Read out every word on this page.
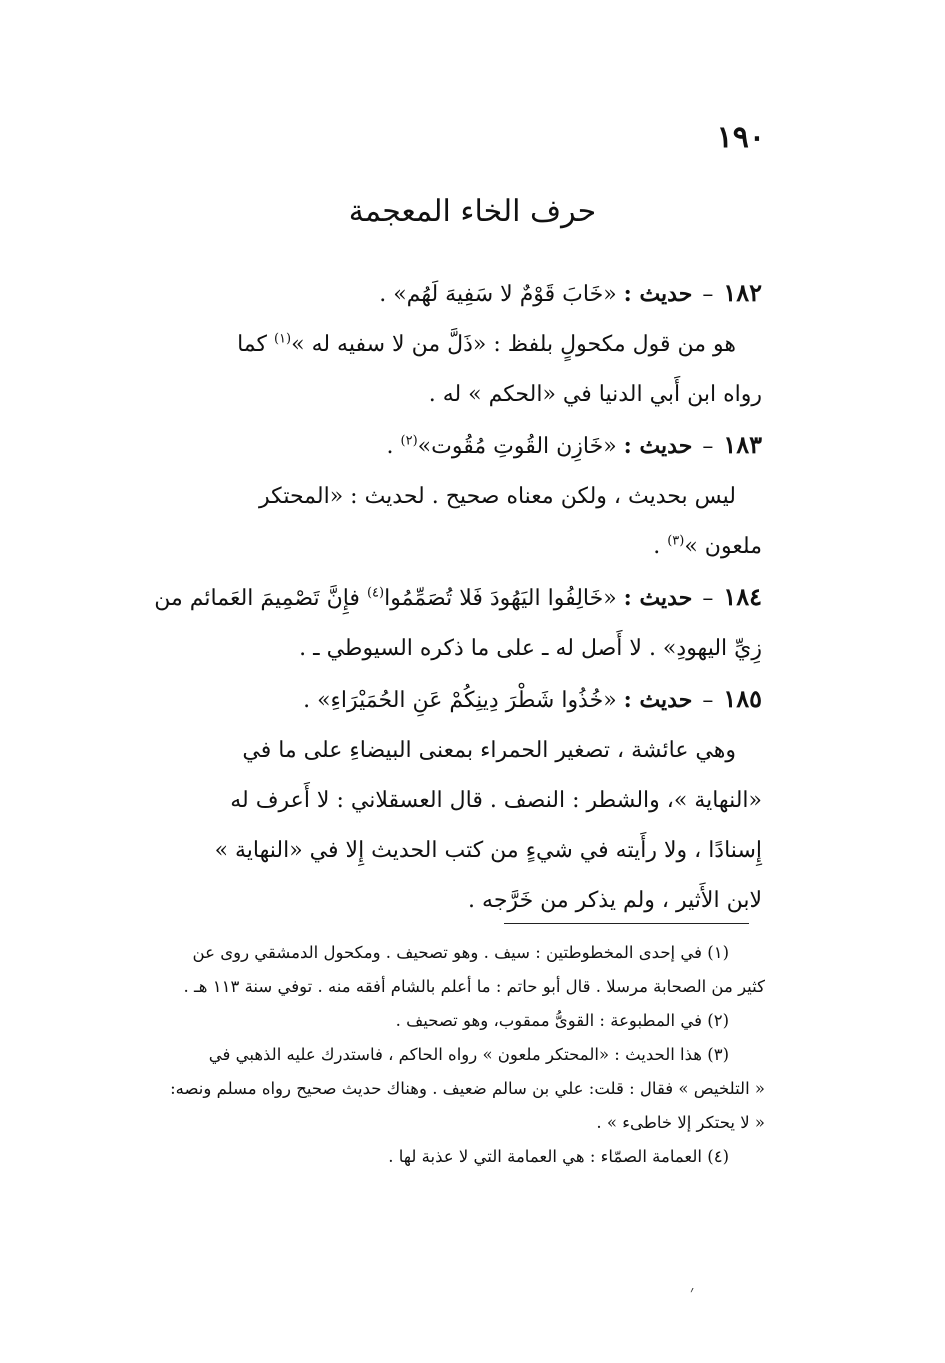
١٩٠
حرف الخاء المعجمة

١٨٢–حديث : «خَابَ قَوْمٌ لا سَفِيهَ لَهُم» .

هو من قول مكحولٍ بلفظ : «ذَلَّ من لا سفيه له »$^{(١)}$ كما

رواه ابن أَبي الدنيا في «الحكم » له .

١٨٣–حديث : «خَازِن القُوتِ مُقُوت»$^{(٢)}$ .

ليس بحديث ، ولكن معناه صحيح . لحديث : «المحتكر

ملعون »$^{(٣)}$ .

١٨٤–حديث : «خَالِفُوا اليَهُودَ فَلا تُصَمِّمُوا$^{(٤)}$ فإِنَّ تَصْمِيمَ العَمائم من

زِيِّ اليهودِ» . لا أَصل له ـ على ما ذكره السيوطي ـ .

١٨٥–حديث : «خُذُوا شَطْرَ دِينِكُمْ عَنِ الحُمَيْرَاءِ» .

وهي عائشة ، تصغير الحمراء بمعنى البيضاءِ على ما في

«النهاية »، والشطر : النصف . قال العسقلاني : لا أَعرف له

إِسنادًا ، ولا رأَيته في شيءٍ من كتب الحديث إِلا في «النهاية »

لابن الأَثير ، ولم يذكر من خَرَّجه .

(١) في إحدى المخطوطتين : سيف . وهو تصحيف . ومكحول الدمشقي روى عن

كثير من الصحابة مرسلا . قال أبو حاتم : ما أعلم بالشام أفقه منه . توفي سنة ١١٣ هـ .

(٢) في المطبوعة : القوىُّ ممقوب، وهو تصحيف .

(٣) هذا الحديث : «المحتكر ملعون » رواه الحاكم ، فاستدرك عليه الذهبي في

« التلخيص » فقال : قلت: علي بن سالم ضعيف . وهناك حديث صحيح رواه مسلم ونصه:

« لا يحتكر إلا خاطىء » .

(٤) العمامة الصمّاء : هي العمامة التي لا عذبة لها .

׳
